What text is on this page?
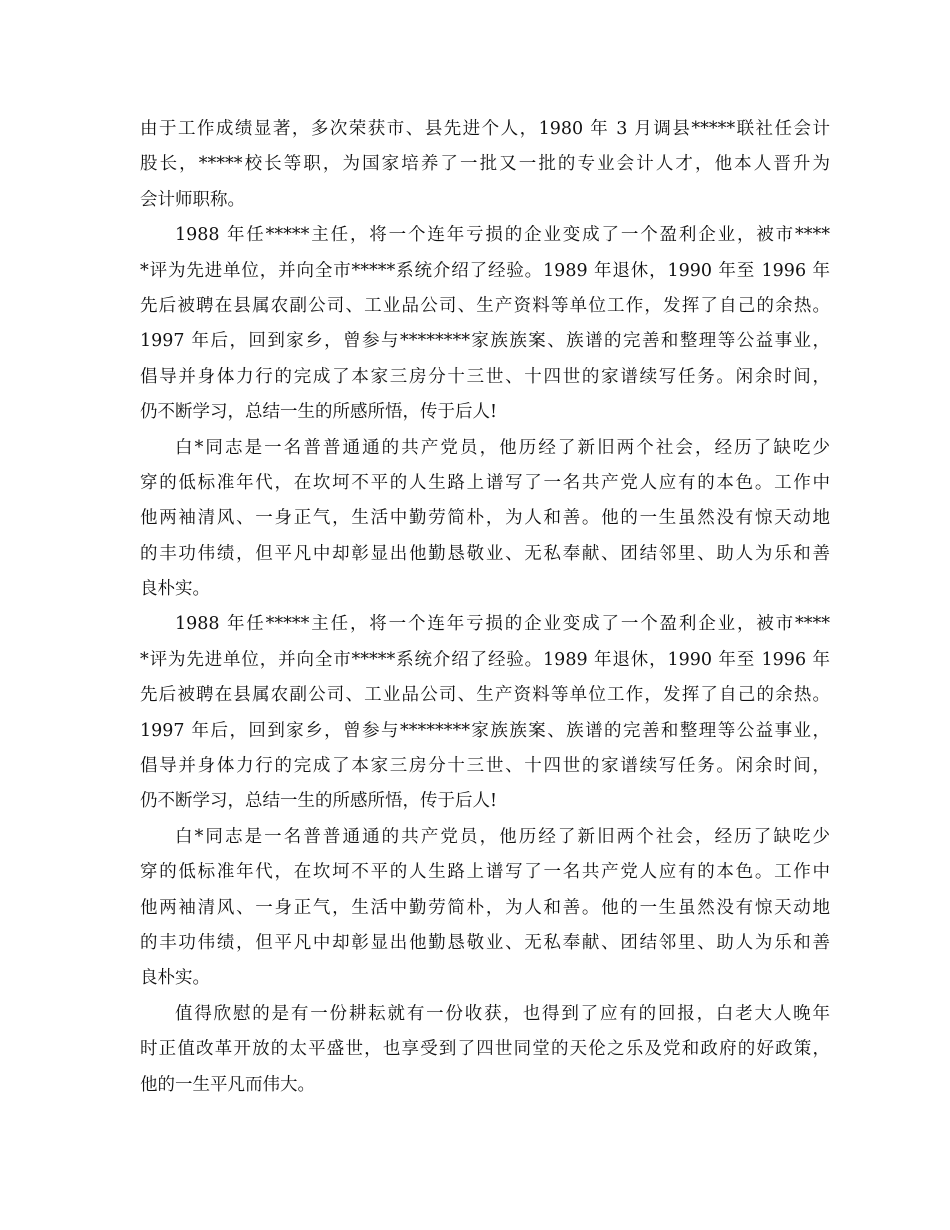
由于工作成绩显著，多次荣获市、县先进个人，1980 年 3 月调县*****联社任会计
股长，*****校长等职，为国家培养了一批又一批的专业会计人才，他本人晋升为
会计师职称。
1988 年任*****主任，将一个连年亏损的企业变成了一个盈利企业，被市****
*评为先进单位，并向全市*****系统介绍了经验。1989 年退休，1990 年至 1996 年
先后被聘在县属农副公司、工业品公司、生产资料等单位工作，发挥了自己的余热。
1997 年后，回到家乡，曾参与********家族族案、族谱的完善和整理等公益事业，
倡导并身体力行的完成了本家三房分十三世、十四世的家谱续写任务。闲余时间，
仍不断学习，总结一生的所感所悟，传于后人!
白*同志是一名普普通通的共产党员，他历经了新旧两个社会，经历了缺吃少
穿的低标准年代，在坎坷不平的人生路上谱写了一名共产党人应有的本色。工作中
他两袖清风、一身正气，生活中勤劳简朴，为人和善。他的一生虽然没有惊天动地
的丰功伟绩，但平凡中却彰显出他勤恳敬业、无私奉献、团结邻里、助人为乐和善
良朴实。
1988 年任*****主任，将一个连年亏损的企业变成了一个盈利企业，被市****
*评为先进单位，并向全市*****系统介绍了经验。1989 年退休，1990 年至 1996 年
先后被聘在县属农副公司、工业品公司、生产资料等单位工作，发挥了自己的余热。
1997 年后，回到家乡，曾参与********家族族案、族谱的完善和整理等公益事业，
倡导并身体力行的完成了本家三房分十三世、十四世的家谱续写任务。闲余时间，
仍不断学习，总结一生的所感所悟，传于后人!
白*同志是一名普普通通的共产党员，他历经了新旧两个社会，经历了缺吃少
穿的低标准年代，在坎坷不平的人生路上谱写了一名共产党人应有的本色。工作中
他两袖清风、一身正气，生活中勤劳简朴，为人和善。他的一生虽然没有惊天动地
的丰功伟绩，但平凡中却彰显出他勤恳敬业、无私奉献、团结邻里、助人为乐和善
良朴实。
值得欣慰的是有一份耕耘就有一份收获，也得到了应有的回报，白老大人晚年
时正值改革开放的太平盛世，也享受到了四世同堂的天伦之乐及党和政府的好政策，
他的一生平凡而伟大。
